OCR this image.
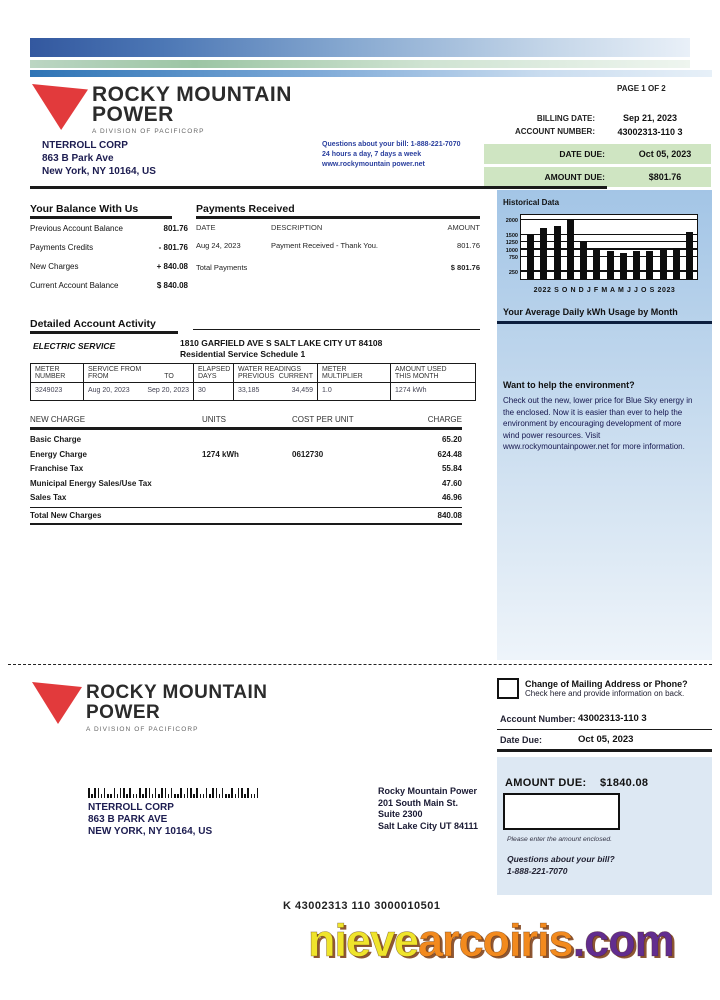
ROCKY MOUNTAIN
POWER
A DIVISION OF PACIFICORP
PAGE 1 OF 2
BILLING DATE:	Sep 21, 2023
ACCOUNT NUMBER:	43002313-110 3
DATE DUE:	Oct 05, 2023
AMOUNT DUE:	$801.76
NTERROLL CORP
863 B Park Ave
New York, NY 10164, US
Questions about your bill: 1-888-221-7070
24 hours a day, 7 days a week
www.rockymountain power.net
Your Balance With Us
Previous Account Balance	801.76
Payments Credits	- 801.76
New Charges	+ 840.08
Current Account Balance	$ 840.08
Payments Received
DATE	DESCRIPTION	AMOUNT
Aug 24, 2023	Payment Received - Thank You.	801.76
Total Payments	$ 801.76
Detailed Account Activity
ELECTRIC SERVICE	1810 GARFIELD AVE S SALT LAKE CITY UT 84108
Residential Service Schedule 1
METER
NUMBER

SERVICE FROM
FROM	TO

ELAPSED
DAYS

WATER READINGS
PREVIOUS CURRENT

METER
MULTIPLIER

AMOUNT USED
THIS MONTH

3249023	Aug 20, 2023 Sep 20, 2023	30	33,185 34,459	1.0	1274 kWh
NEW CHARGE	UNITS	COST PER UNIT	CHARGE
Basic Charge	65.20
Energy Charge	1274 kWh	0612730	624.48
Franchise Tax	55.84
Municipal Energy Sales/Use Tax	47.60
Sales Tax	46.96
Total New Charges	840.08
Historical Data
2000
1500
1250
1000
750
250
2022 S O N D J F M A M J J O S 2023
Your Average Daily kWh Usage by Month
Want to help the environment?
Check out the new, lower price for Blue Sky energy in the enclosed. Now it is easier than ever to help the environment by encouraging development of more wind power resources. Visit www.rockymountainpower.net for more information.
ROCKY MOUNTAIN
POWER
A DIVISION OF PACIFICORP
Change of Mailing Address or Phone?
Check here and provide information on back.
Account Number: 43002313-110 3
Date Due:	Oct 05, 2023
AMOUNT DUE: $1840.08
Please enter the amount enclosed.
Questions about your bill?
1-888-221-7070
NTERROLL CORP
863 B PARK AVE
NEW YORK, NY 10164, US
Rocky Mountain Power
201 South Main St.
Suite 2300
Salt Lake City UT 84111
K 43002313 110 3000010501
nievearcoiris.com
